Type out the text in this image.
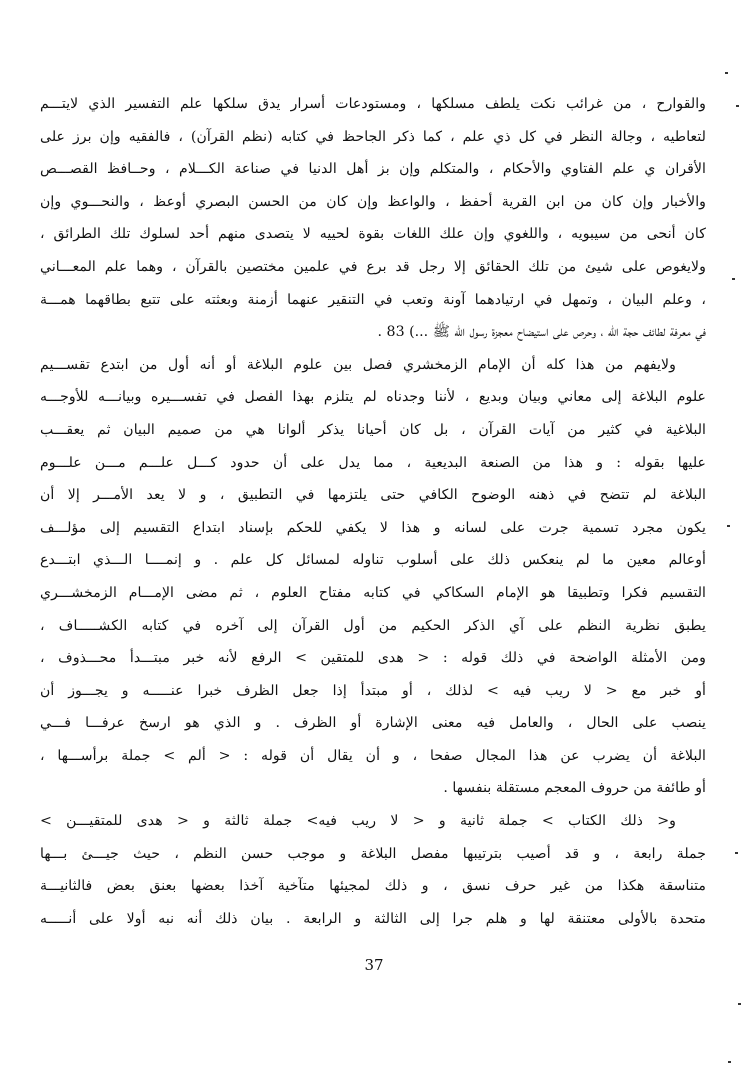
والقوارح ، من غرائب نكت يلطف مسلكها ، ومستودعات أسرار يدق سلكها علم التفسير الذي لايتـــم
لتعاطيه ، وجالة النظر في كل ذي علم ، كما ذكر الجاحظ في كتابه (نظم القرآن) ، فالفقيه وإن برز على
الأقران ي علم الفتاوي والأحكام ، والمتكلم وإن بز أهل الدنيا في صناعة الكـــلام ، وحــافظ القصـــص
والأخبار وإن كان من ابن القرية أحفظ ، والواعظ وإن كان من الحسن البصري أوعظ ، والنحـــوي وإن
كان أنحى من سيبويه ، واللغوي وإن علك اللغات بقوة لحييه لا يتصدى منهم أحد لسلوك تلك الطرائق ،
ولايغوص على شيئ من تلك الحقائق إلا رجل قد برع في علمين مختصين بالقرآن ، وهما علم المعـــاني
، وعلم البيان ، وتمهل في ارتيادهما آونة وتعب في التنقير عنهما أزمنة وبعثته على تتبع بطاقهما همـــة
في معرفة لطائف حجة الله ، وحرص على استيضاح معجزة رسول الله ﷺ ...) 83 .
ولايفهم من هذا كله أن الإمام الزمخشري فصل بين علوم البلاغة أو أنه أول من ابتدع تقســـيم
علوم البلاغة إلى معاني وبيان وبديع ، لأننا وجدناه لم يتلزم بهذا الفصل في تفســـيره وبيانـــه للأوجـــه
البلاغية في كثير من آيات القرآن ، بل كان أحيانا يذكر ألوانا هي من صميم البيان ثم يعقـــب
عليها بقوله : و هذا من الصنعة البديعية ، مما يدل على أن حدود كـــل علـــم مـــن علـــوم
البلاغة لم تتضح في ذهنه الوضوح الكافي حتى يلتزمها في التطبيق ، و لا يعد الأمـــر إلا أن
يكون مجرد تسمية جرت على لسانه و هذا لا يكفي للحكم بإسناد ابتداع التقسيم إلى مؤلـــف
أوعالم معين ما لم ينعكس ذلك على أسلوب تناوله لمسائل كل علم . و إنمــــا الـــذي ابتـــدع
التقسيم فكرا وتطبيقا هو الإمام السكاكي في كتابه مفتاح العلوم ، ثم مضى الإمـــام الزمخشـــري
يطبق نظرية النظم على آي الذكر الحكيم من أول القرآن إلى آخره في كتابه الكشـــــاف ،
ومن الأمثلة الواضحة في ذلك قوله : < هدى للمتقين > الرفع لأنه خبر مبتـــدأ محـــذوف ،
أو خبر مع < لا ريب فيه > لذلك ، أو مبتدأ إذا جعل الظرف خبرا عنـــــه و يجـــوز أن
ينصب على الحال ، والعامل فيه معنى الإشارة أو الظرف . و الذي هو ارسخ عرفـــا فـــي
البلاغة أن يضرب عن هذا المجال صفحا ، و أن يقال أن قوله : < ألم > جملة برأســـها ،
أو طائفة من حروف المعجم مستقلة بنفسها .
و< ذلك الكتاب > جملة ثانية و < لا ريب فيه> جملة ثالثة و < هدى للمتقيـــن >
جملة رابعة ، و قد أصيب بترتيبها مفصل البلاغة و موجب حسن النظم ، حيث جيـــئ بـــها
متناسقة هكذا من غير حرف نسق ، و ذلك لمجيئها متآخية آخذا بعضها بعنق بعض فالثانيـــة
متحدة بالأولى معتنقة لها و هلم جرا إلى الثالثة و الرابعة . بيان ذلك أنه نبه أولا على أنـــــه
37
